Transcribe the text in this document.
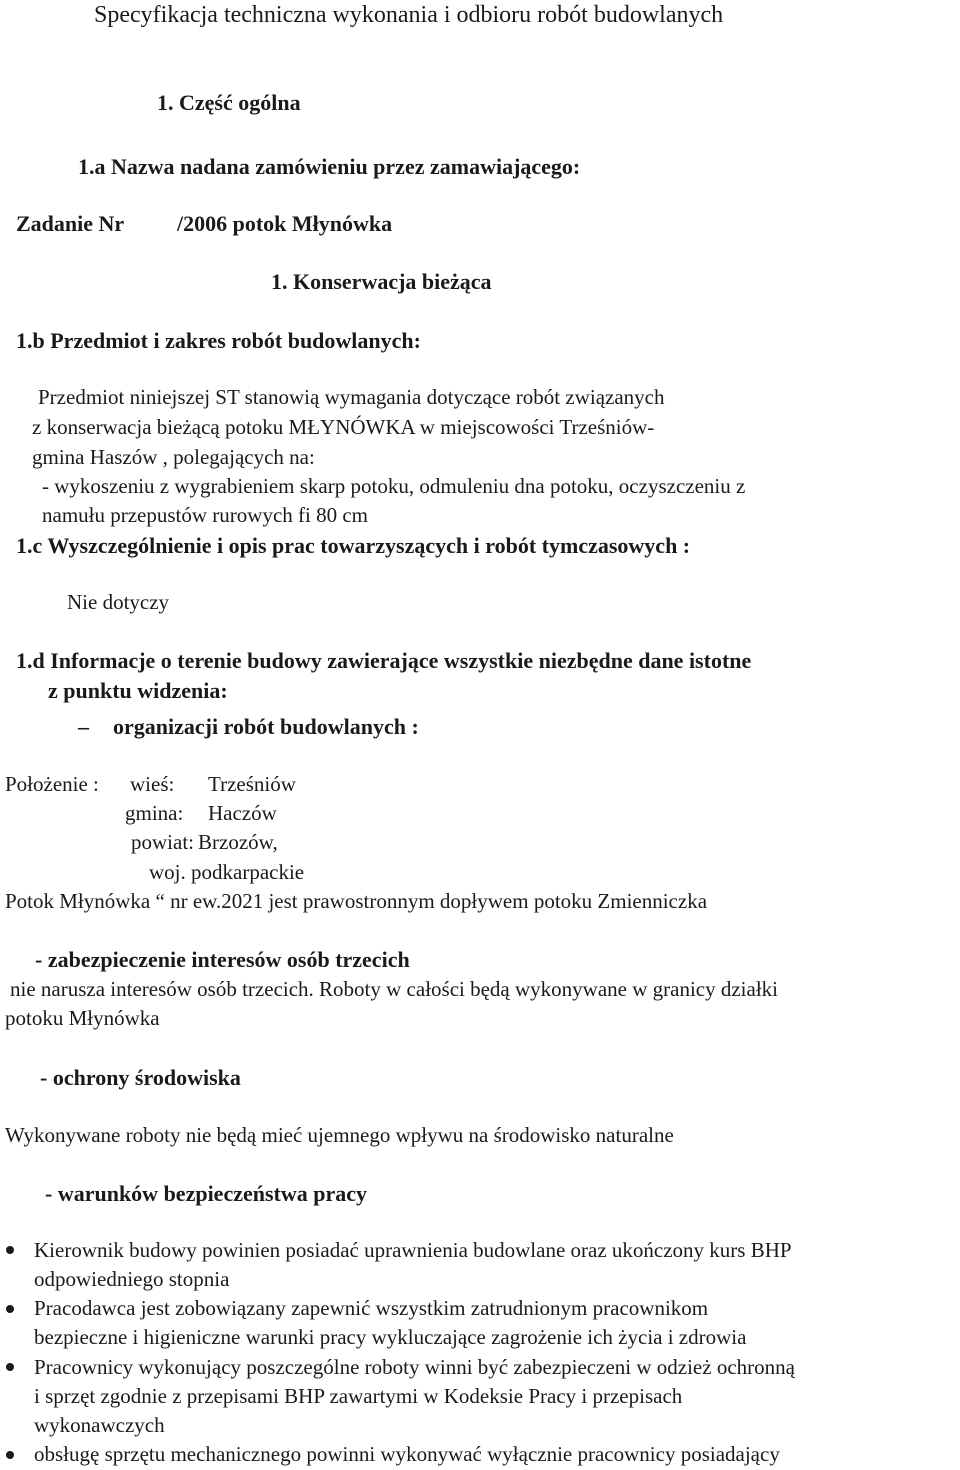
Specyfikacja techniczna wykonania i odbioru robót budowlanych
1. Część ogólna
1.a Nazwa nadana zamówieniu przez zamawiającego:
Zadanie Nr /2006 potok Młynówka
1. Konserwacja bieżąca
1.b Przedmiot i zakres robót budowlanych:
Przedmiot niniejszej ST stanowią wymagania dotyczące robót związanych
z konserwacja bieżącą potoku MŁYNÓWKA w miejscowości Trześniów-
gmina Haszów , polegających na:
- wykoszeniu z wygrabieniem skarp potoku, odmuleniu dna potoku, oczyszczeniu z
namułu przepustów rurowych fi 80 cm
1.c Wyszczególnienie i opis prac towarzyszących i robót tymczasowych :
Nie dotyczy
1.d Informacje o terenie budowy zawierające wszystkie niezbędne dane istotne
z punktu widzenia:
– organizacji robót budowlanych :
Położenie : wieś: Trześniów
gmina: Haczów
powiat: Brzozów,
woj. podkarpackie
Potok Młynówka “ nr ew.2021 jest prawostronnym dopływem potoku Zmienniczka
- zabezpieczenie interesów osób trzecich
nie narusza interesów osób trzecich. Roboty w całości będą wykonywane w granicy działki
potoku Młynówka
- ochrony środowiska
Wykonywane roboty nie będą mieć ujemnego wpływu na środowisko naturalne
- warunków bezpieczeństwa pracy
Kierownik budowy powinien posiadać uprawnienia budowlane oraz ukończony kurs BHP
odpowiedniego stopnia
Pracodawca jest zobowiązany zapewnić wszystkim zatrudnionym pracownikom
bezpieczne i higieniczne warunki pracy wykluczające zagrożenie ich życia i zdrowia
Pracownicy wykonujący poszczególne roboty winni być zabezpieczeni w odzież ochronną
i sprzęt zgodnie z przepisami BHP zawartymi w Kodeksie Pracy i przepisach
wykonawczych
obsługę sprzętu mechanicznego powinni wykonywać wyłącznie pracownicy posiadający
